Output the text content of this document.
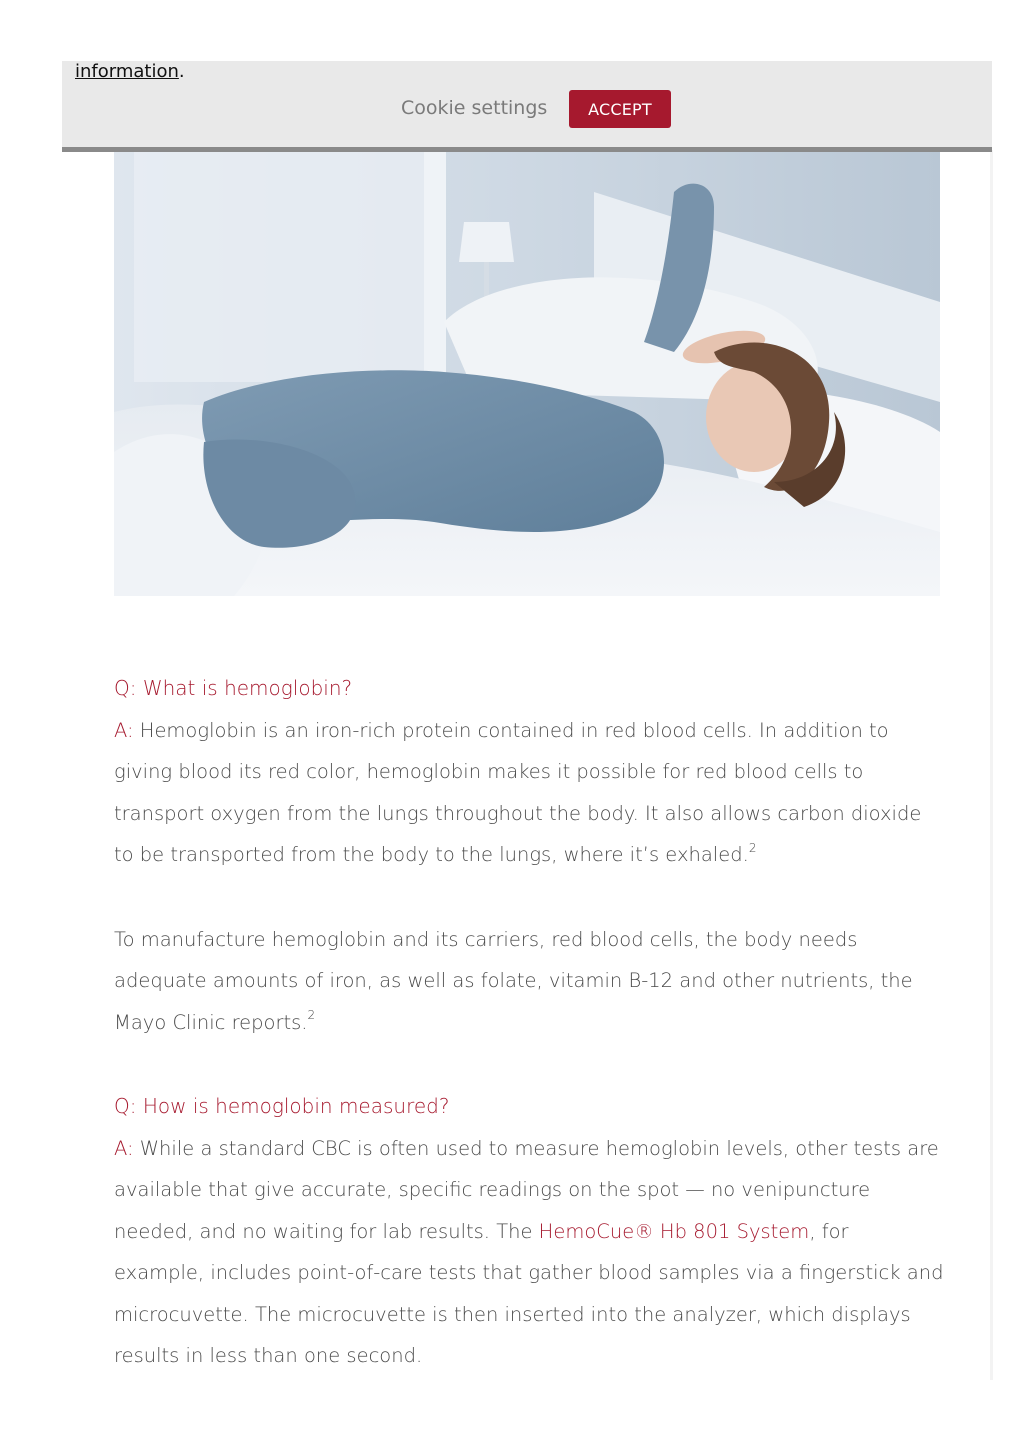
information.
Cookie settings	ACCEPT

Q: What is hemoglobin?

A: Hemoglobin is an iron-rich protein contained in red blood cells. In addition to giving blood its red color, hemoglobin makes it possible for red blood cells to transport oxygen from the lungs throughout the body. It also allows carbon dioxide to be transported from the body to the lungs, where it’s exhaled.$^2$

To manufacture hemoglobin and its carriers, red blood cells, the body needs adequate amounts of iron, as well as folate, vitamin B-12 and other nutrients, the Mayo Clinic reports.$^2$

Q: How is hemoglobin measured?

A: While a standard CBC is often used to measure hemoglobin levels, other tests are available that give accurate, specific readings on the spot — no venipuncture needed, and no waiting for lab results. The HemoCue® Hb 801 System, for example, includes point-of-care tests that gather blood samples via a fingerstick and microcuvette. The microcuvette is then inserted into the analyzer, which displays results in less than one second.
